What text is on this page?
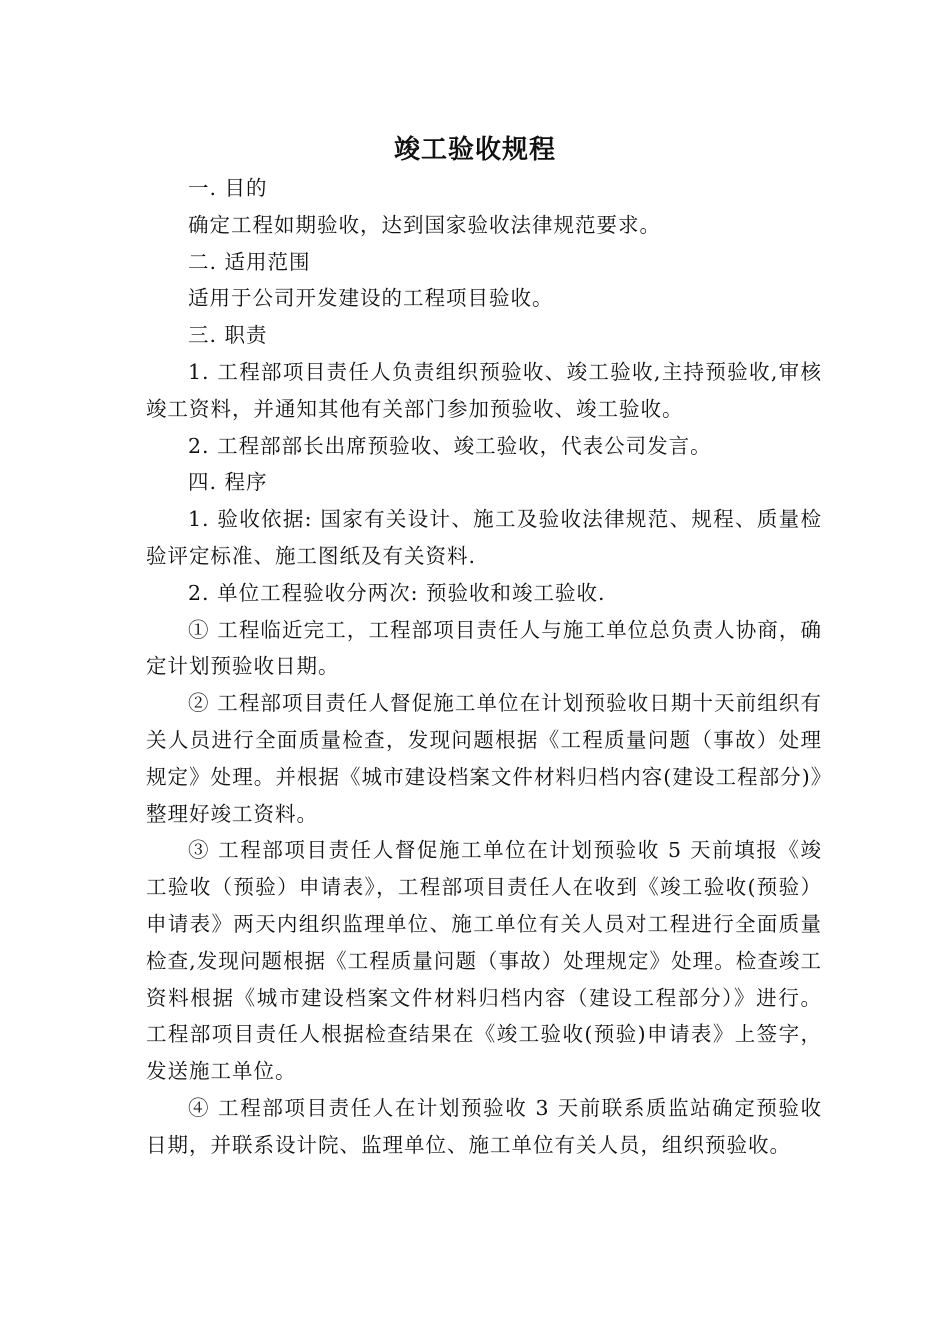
竣工验收规程

一. 目的

确定工程如期验收，达到国家验收法律规范要求。

二. 适用范围

适用于公司开发建设的工程项目验收。

三. 职责

1. 工程部项目责任人负责组织预验收、竣工验收,主持预验收,审核竣工资料，并通知其他有关部门参加预验收、竣工验收。

2. 工程部部长出席预验收、竣工验收，代表公司发言。

四. 程序

1. 验收依据: 国家有关设计、施工及验收法律规范、规程、质量检验评定标准、施工图纸及有关资料.

2. 单位工程验收分两次: 预验收和竣工验收.

① 工程临近完工，工程部项目责任人与施工单位总负责人协商，确定计划预验收日期。

② 工程部项目责任人督促施工单位在计划预验收日期十天前组织有关人员进行全面质量检查，发现问题根据《工程质量问题（事故）处理规定》处理。并根据《城市建设档案文件材料归档内容(建设工程部分)》整理好竣工资料。

③ 工程部项目责任人督促施工单位在计划预验收 5 天前填报《竣工验收（预验）申请表》，工程部项目责任人在收到《竣工验收(预验）申请表》两天内组织监理单位、施工单位有关人员对工程进行全面质量检查,发现问题根据《工程质量问题（事故）处理规定》处理。检查竣工资料根据《城市建设档案文件材料归档内容（建设工程部分）》进行。工程部项目责任人根据检查结果在《竣工验收(预验)申请表》上签字，发送施工单位。

④ 工程部项目责任人在计划预验收 3 天前联系质监站确定预验收日期，并联系设计院、监理单位、施工单位有关人员，组织预验收。
